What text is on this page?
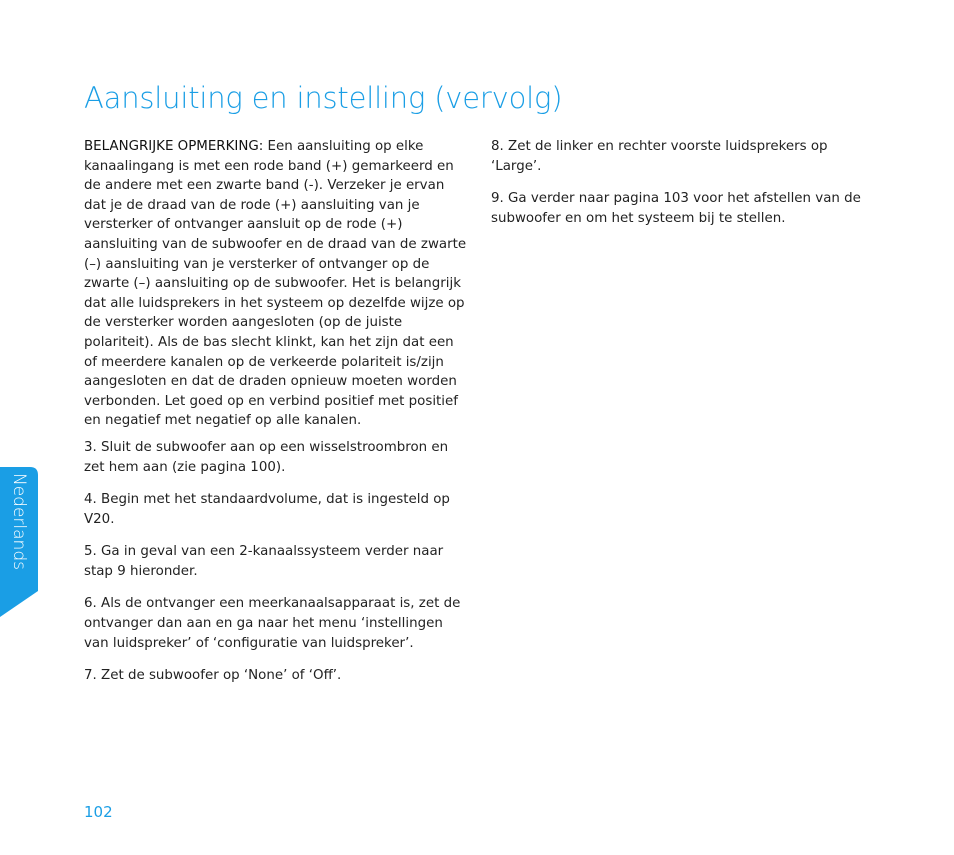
Aansluiting en instelling (vervolg)

BELANGRIJKE OPMERKING: Een aansluiting op elke kanaalingang is met een rode band (+) gemarkeerd en de andere met een zwarte band (-). Verzeker je ervan dat je de draad van de rode (+) aansluiting van je versterker of ontvanger aansluit op de rode (+) aansluiting van de subwoofer en de draad van de zwarte (–) aansluiting van je versterker of ontvanger op de zwarte (–) aansluiting op de subwoofer. Het is belangrijk dat alle luidsprekers in het systeem op dezelfde wijze op de versterker worden aangesloten (op de juiste polariteit). Als de bas slecht klinkt, kan het zijn dat een of meerdere kanalen op de verkeerde polariteit is/zijn aangesloten en dat de draden opnieuw moeten worden verbonden. Let goed op en verbind positief met positief en negatief met negatief op alle kanalen.

3. Sluit de subwoofer aan op een wisselstroombron en zet hem aan (zie pagina 100).

4. Begin met het standaardvolume, dat is ingesteld op V20.

5. Ga in geval van een 2-kanaalssysteem verder naar stap 9 hieronder.

6. Als de ontvanger een meerkanaalsapparaat is, zet de ontvanger dan aan en ga naar het menu ‘instellingen van luidspreker’ of ‘configuratie van luidspreker’.

7. Zet de subwoofer op ‘None’ of ‘Off’.

8. Zet de linker en rechter voorste luidsprekers op ‘Large’.

9. Ga verder naar pagina 103 voor het afstellen van de subwoofer en om het systeem bij te stellen.

Nederlands
102
